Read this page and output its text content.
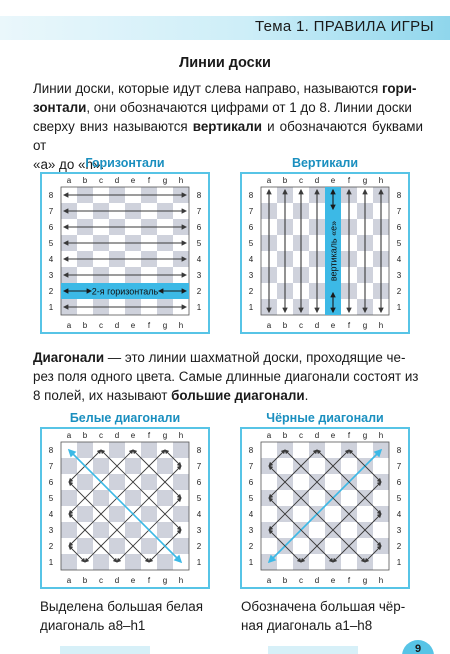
Тема 1. ПРАВИЛА ИГРЫ
Линии доски
Линии доски, которые идут слева направо, называются гори-
зонтали, они обозначаются цифрами от 1 до 8. Линии доски
сверху вниз называются вертикали и обозначаются буквами от
«a» до «h».
Горизонтали	Вертикали
a
a
b
b
c
c
d
d
e
e
f
f
g
g
h
h
8	8
7	7
6	6
5	5
4	4
3	3
2	2
1	1
2-я горизонталь
a
a
b
b
c
c
d
d
e
e
f
f
g
g
h
h
8	8
7	7
6	6
5	5
4	4
3	3
2	2
1	1
вертикаль «е»
Диагонали — это линии шахматной доски, проходящие че-
рез поля одного цвета. Самые длинные диагонали состоят из
8 полей, их называют большие диагонали.
Белые диагонали	Чёрные диагонали
a
a
b
b
c
c
d
d
e
e
f
f
g
g
h
h
8	8
7	7
6	6
5	5
4	4
3	3
2	2
1	1
a
a
b
b
c
c
d
d
e
e
f
f
g
g
h
h
8	8
7	7
6	6
5	5
4	4
3	3
2	2
1	1
Выделена большая белая
диагональ a8–h1
Обозначена большая чёр-
ная диагональ a1–h8
9
